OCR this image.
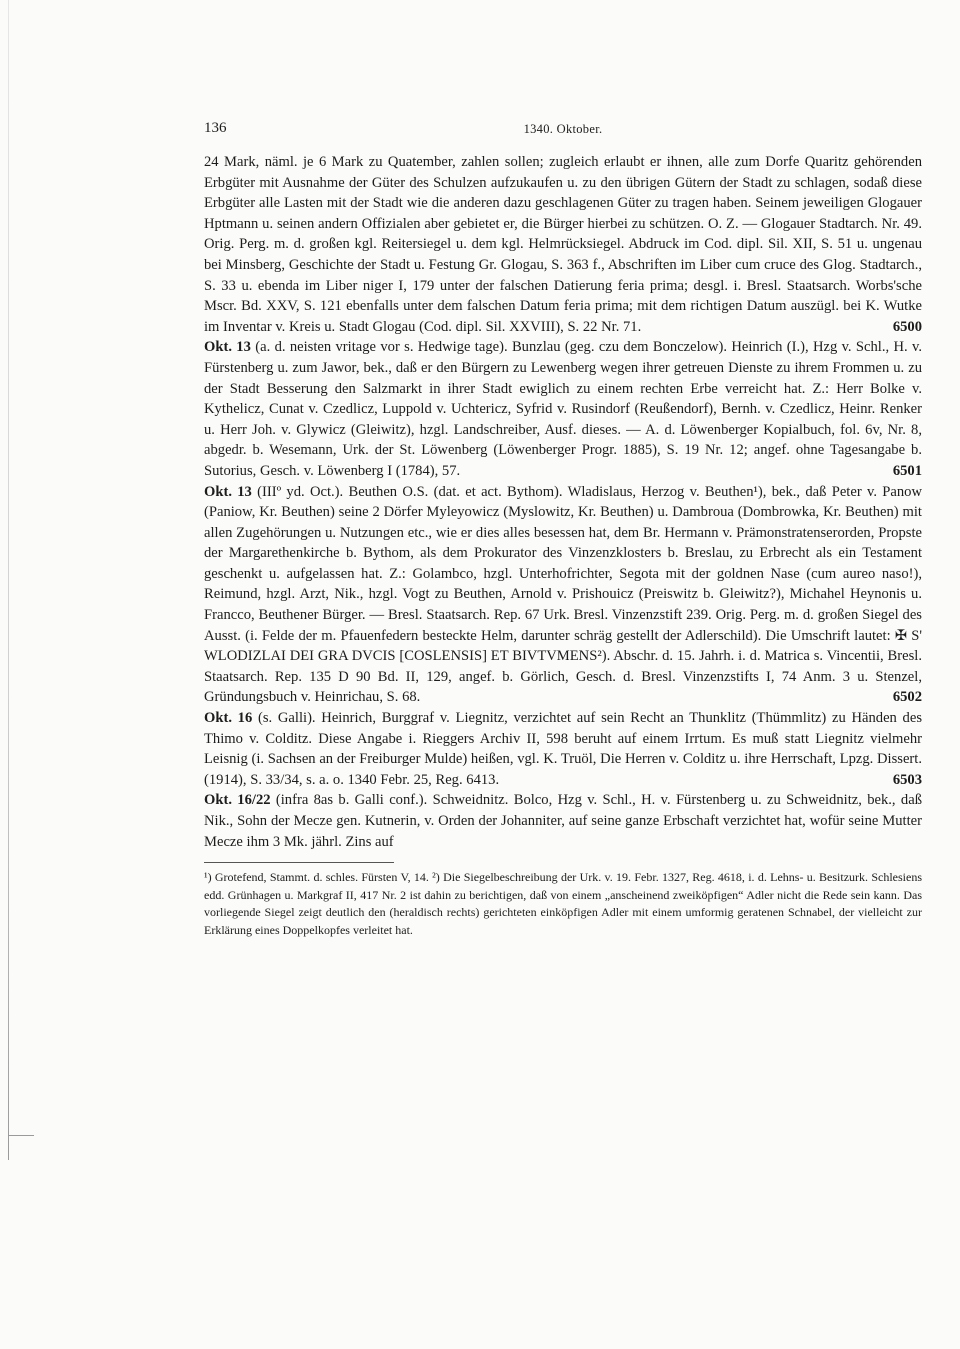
136	1340. Oktober.

24 Mark, näml. je 6 Mark zu Quatember, zahlen sollen; zugleich erlaubt er ihnen, alle zum Dorfe Quaritz gehörenden Erbgüter mit Ausnahme der Güter des Schulzen aufzukaufen u. zu den übrigen Gütern der Stadt zu schlagen, sodaß diese Erbgüter alle Lasten mit der Stadt wie die anderen dazu geschlagenen Güter zu tragen haben. Seinem jeweiligen Glogauer Hptmann u. seinen andern Offizialen aber gebietet er, die Bürger hierbei zu schützen. O. Z. — Glogauer Stadtarch. Nr. 49. Orig. Perg. m. d. großen kgl. Reitersiegel u. dem kgl. Helmrücksiegel. Abdruck im Cod. dipl. Sil. XII, S. 51 u. ungenau bei Minsberg, Geschichte der Stadt u. Festung Gr. Glogau, S. 363 f., Abschriften im Liber cum cruce des Glog. Stadtarch., S. 33 u. ebenda im Liber niger I, 179 unter der falschen Datierung feria prima; desgl. i. Bresl. Staatsarch. Worbs'sche Mscr. Bd. XXV, S. 121 ebenfalls unter dem falschen Datum feria prima; mit dem richtigen Datum auszügl. bei K. Wutke im Inventar v. Kreis u. Stadt Glogau (Cod. dipl. Sil. XXVIII), S. 22 Nr. 71.	6500

Okt. 13 (a. d. neisten vritage vor s. Hedwige tage). Bunzlau (geg. czu dem Bonczelow). Heinrich (I.), Hzg v. Schl., H. v. Fürstenberg u. zum Jawor, bek., daß er den Bürgern zu Lewenberg wegen ihrer getreuen Dienste zu ihrem Frommen u. zu der Stadt Besserung den Salzmarkt in ihrer Stadt ewiglich zu einem rechten Erbe verreicht hat. Z.: Herr Bolke v. Kythelicz, Cunat v. Czedlicz, Luppold v. Uchtericz, Syfrid v. Rusindorf (Reußendorf), Bernh. v. Czedlicz, Heinr. Renker u. Herr Joh. v. Glywicz (Gleiwitz), hzgl. Landschreiber, Ausf. dieses. — A. d. Löwenberger Kopialbuch, fol. 6v, Nr. 8, abgedr. b. Wesemann, Urk. der St. Löwenberg (Löwenberger Progr. 1885), S. 19 Nr. 12; angef. ohne Tagesangabe b. Sutorius, Gesch. v. Löwenberg I (1784), 57.	6501

Okt. 13 (IIIº yd. Oct.). Beuthen O.S. (dat. et act. Bythom). Wladislaus, Herzog v. Beuthen¹), bek., daß Peter v. Panow (Paniow, Kr. Beuthen) seine 2 Dörfer Myleyowicz (Myslowitz, Kr. Beuthen) u. Dambroua (Dombrowka, Kr. Beuthen) mit allen Zugehörungen u. Nutzungen etc., wie er dies alles besessen hat, dem Br. Hermann v. Prämonstratenserorden, Propste der Margarethenkirche b. Bythom, als dem Prokurator des Vinzenzklosters b. Breslau, zu Erbrecht als ein Testament geschenkt u. aufgelassen hat. Z.: Golambco, hzgl. Unterhofrichter, Segota mit der goldnen Nase (cum aureo naso!), Reimund, hzgl. Arzt, Nik., hzgl. Vogt zu Beuthen, Arnold v. Prishouicz (Preiswitz b. Gleiwitz?), Michahel Heynonis u. Francco, Beuthener Bürger. — Bresl. Staatsarch. Rep. 67 Urk. Bresl. Vinzenzstift 239. Orig. Perg. m. d. großen Siegel des Ausst. (i. Felde der m. Pfauenfedern besteckte Helm, darunter schräg gestellt der Adlerschild). Die Umschrift lautet: ✠ S' WLODIZLAI DEI GRA DVCIS [COSLENSIS] ET BIVTVMENS²). Abschr. d. 15. Jahrh. i. d. Matrica s. Vincentii, Bresl. Staatsarch. Rep. 135 D 90 Bd. II, 129, angef. b. Görlich, Gesch. d. Bresl. Vinzenzstifts I, 74 Anm. 3 u. Stenzel, Gründungsbuch v. Heinrichau, S. 68.	6502

Okt. 16 (s. Galli). Heinrich, Burggraf v. Liegnitz, verzichtet auf sein Recht an Thunklitz (Thümmlitz) zu Händen des Thimo v. Colditz. Diese Angabe i. Rieggers Archiv II, 598 beruht auf einem Irrtum. Es muß statt Liegnitz vielmehr Leisnig (i. Sachsen an der Freiburger Mulde) heißen, vgl. K. Truöl, Die Herren v. Colditz u. ihre Herrschaft, Lpzg. Dissert. (1914), S. 33/34, s. a. o. 1340 Febr. 25, Reg. 6413.	6503

Okt. 16/22 (infra 8as b. Galli conf.). Schweidnitz. Bolco, Hzg v. Schl., H. v. Fürstenberg u. zu Schweidnitz, bek., daß Nik., Sohn der Mecze gen. Kutnerin, v. Orden der Johanniter, auf seine ganze Erbschaft verzichtet hat, wofür seine Mutter Mecze ihm 3 Mk. jährl. Zins auf

¹) Grotefend, Stammt. d. schles. Fürsten V, 14. ²) Die Siegelbeschreibung der Urk. v. 19. Febr. 1327, Reg. 4618, i. d. Lehns- u. Besitzurk. Schlesiens edd. Grünhagen u. Markgraf II, 417 Nr. 2 ist dahin zu berichtigen, daß von einem „anscheinend zweiköpfigen“ Adler nicht die Rede sein kann. Das vorliegende Siegel zeigt deutlich den (heraldisch rechts) gerichteten einköpfigen Adler mit einem umformig geratenen Schnabel, der vielleicht zur Erklärung eines Doppelkopfes verleitet hat.
